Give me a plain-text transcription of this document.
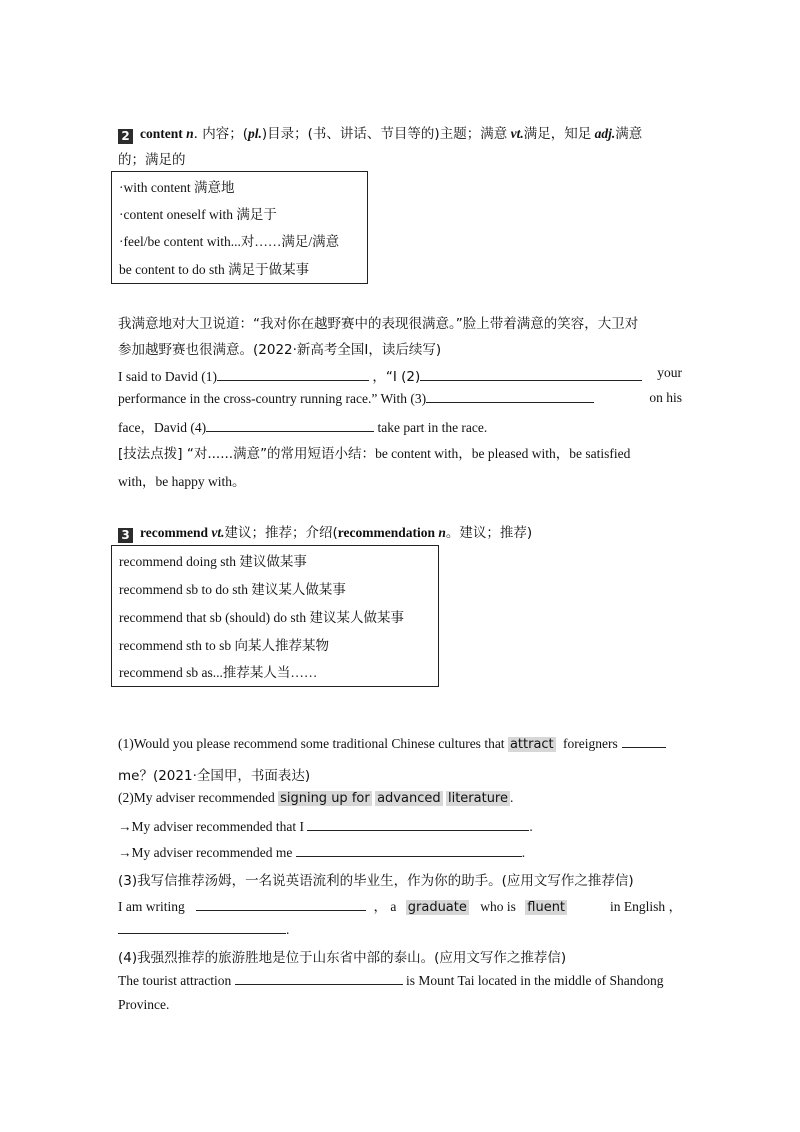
2 content n. 内容；(pl.)目录；(书、讲话、节目等的)主题；满意 vt.满足，知足 adj.满意
的；满足的
·with content 满意地
·content oneself with 满足于
·feel/be content with...对……满足/满意
be content to do sth 满足于做某事
我满意地对大卫说道：“我对你在越野赛中的表现很满意。”脸上带着满意的笑容，大卫对
参加越野赛也很满意。(2022·新高考全国Ⅰ，读后续写)
I said to David (1)	，“I (2)	your
performance in the cross-country running race.” With (3)	on his
face，David (4)	take part in the race.
[技法点拨] “对......满意”的常用短语小结：be content with，be pleased with，be satisfied
with，be happy with。
3 recommend vt.建议；推荐；介绍(recommendation n。建议；推荐)
recommend doing sth 建议做某事
recommend sb to do sth 建议某人做某事
recommend that sb (should) do sth 建议某人做某事
recommend sth to sb 向某人推荐某物
recommend sb as...推荐某人当……
(1)Would you please recommend some traditional Chinese cultures that attract foreigners
me？(2021·全国甲，书面表达)
(2)My adviser recommended signing up for advanced literature .
→My adviser recommended that I	.
→My adviser recommended me	.
(3)我写信推荐汤姆，一名说英语流利的毕业生，作为你的助手。(应用文写作之推荐信)
I am writing	， a graduate who is fluent	in English ，
.
(4)我强烈推荐的旅游胜地是位于山东省中部的泰山。(应用文写作之推荐信)
The tourist attraction	is Mount Tai located in the middle of Shandong
Province.
